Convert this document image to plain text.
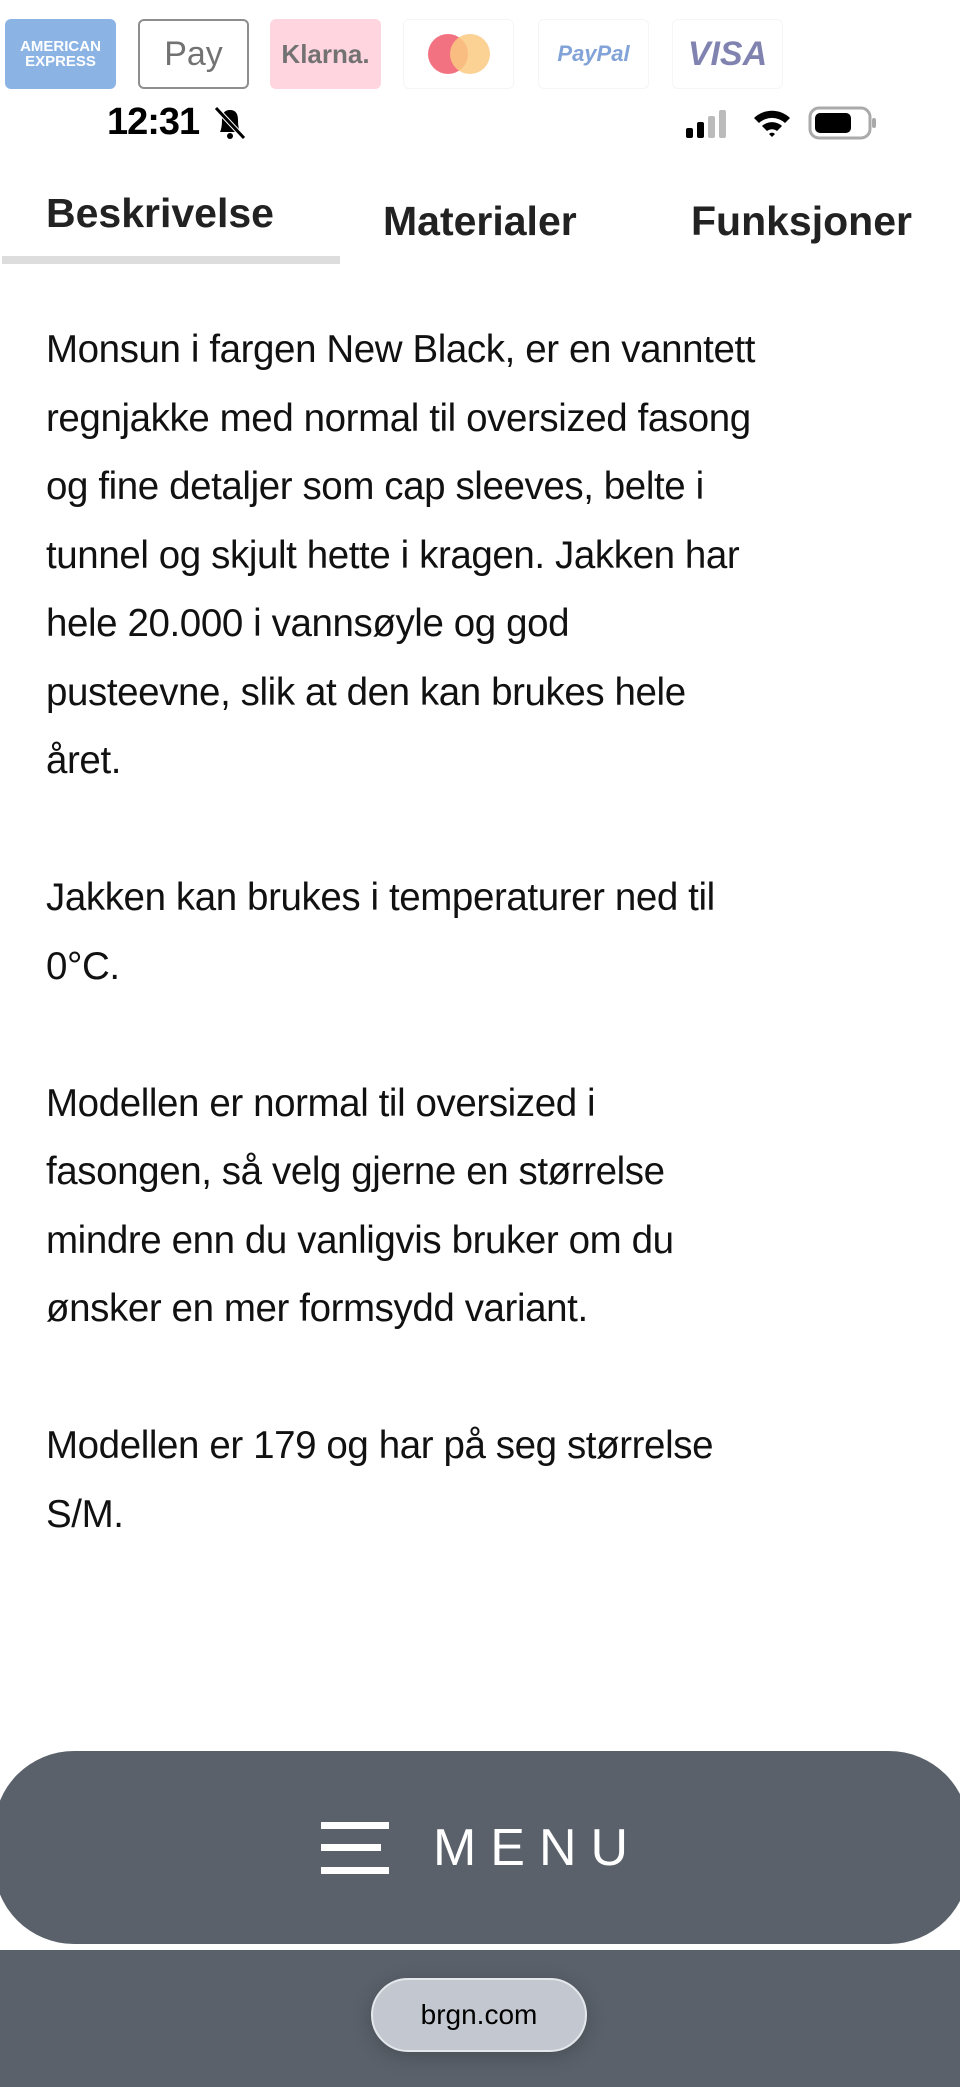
AMERICAN EXPRESS	Pay	Klarna.	PayPal	VISA
12:31
Beskrivelse	Materialer	Funksjoner
Monsun i fargen New Black, er en vanntett
regnjakke med normal til oversized fasong
og fine detaljer som cap sleeves, belte i
tunnel og skjult hette i kragen. Jakken har
hele 20.000 i vannsøyle og god
pusteevne, slik at den kan brukes hele
året.
Jakken kan brukes i temperaturer ned til
0°C.
Modellen er normal til oversized i
fasongen, så velg gjerne en størrelse
mindre enn du vanligvis bruker om du
ønsker en mer formsydd variant.
Modellen er 179 og har på seg størrelse
S/M.
MENU
brgn.com
